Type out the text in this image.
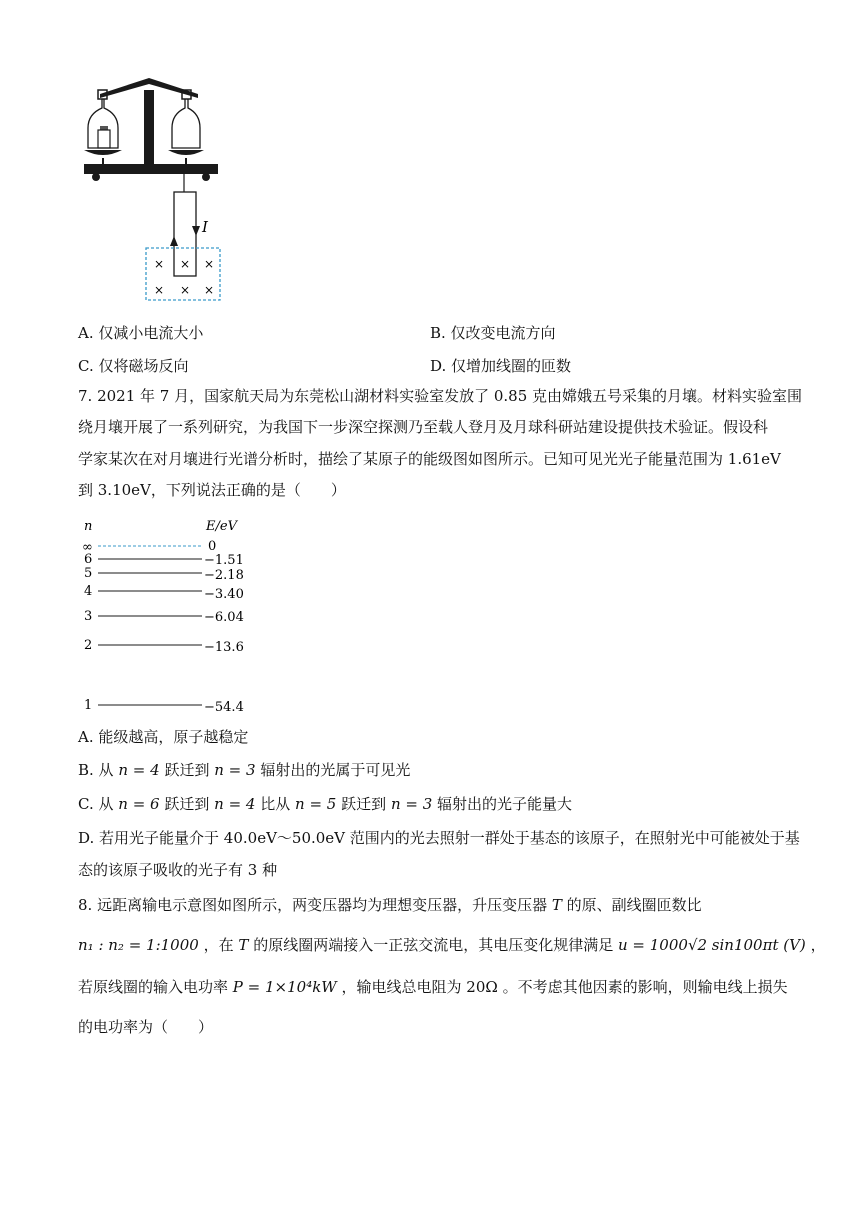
I
× × ×
× × ×
A. 仅减小电流大小	B. 仅改变电流方向
C. 仅将磁场反向	D. 仅增加线圈的匝数
7. 2021 年 7 月，国家航天局为东莞松山湖材料实验室发放了 0.85 克由嫦娥五号采集的月壤。材料实验室围
绕月壤开展了一系列研究，为我国下一步深空探测乃至载人登月及月球科研站建设提供技术验证。假设科
学家某次在对月壤进行光谱分析时，描绘了某原子的能级图如图所示。已知可见光光子能量范围为 1.61eV
到 3.10eV，下列说法正确的是（　　）
n	E/eV
∞	0
6	−1.51
5	−2.18
4	−3.40
3	−6.04
2	−13.6
1	−54.4
A. 能级越高，原子越稳定
B. 从 n = 4 跃迁到 n = 3 辐射出的光属于可见光
C. 从 n = 6 跃迁到 n = 4 比从 n = 5 跃迁到 n = 3 辐射出的光子能量大
D. 若用光子能量介于 40.0eV～50.0eV 范围内的光去照射一群处于基态的该原子，在照射光中可能被处于基
态的该原子吸收的光子有 3 种
8. 远距离输电示意图如图所示，两变压器均为理想变压器，升压变压器 T 的原、副线圈匝数比
n₁ : n₂ = 1:1000 ，在 T 的原线圈两端接入一正弦交流电，其电压变化规律满足 u = 1000√2 sin100πt (V) ，
若原线圈的输入电功率 P = 1×10⁴kW ，输电线总电阻为 20Ω 。不考虑其他因素的影响，则输电线上损失
的电功率为（　　）
